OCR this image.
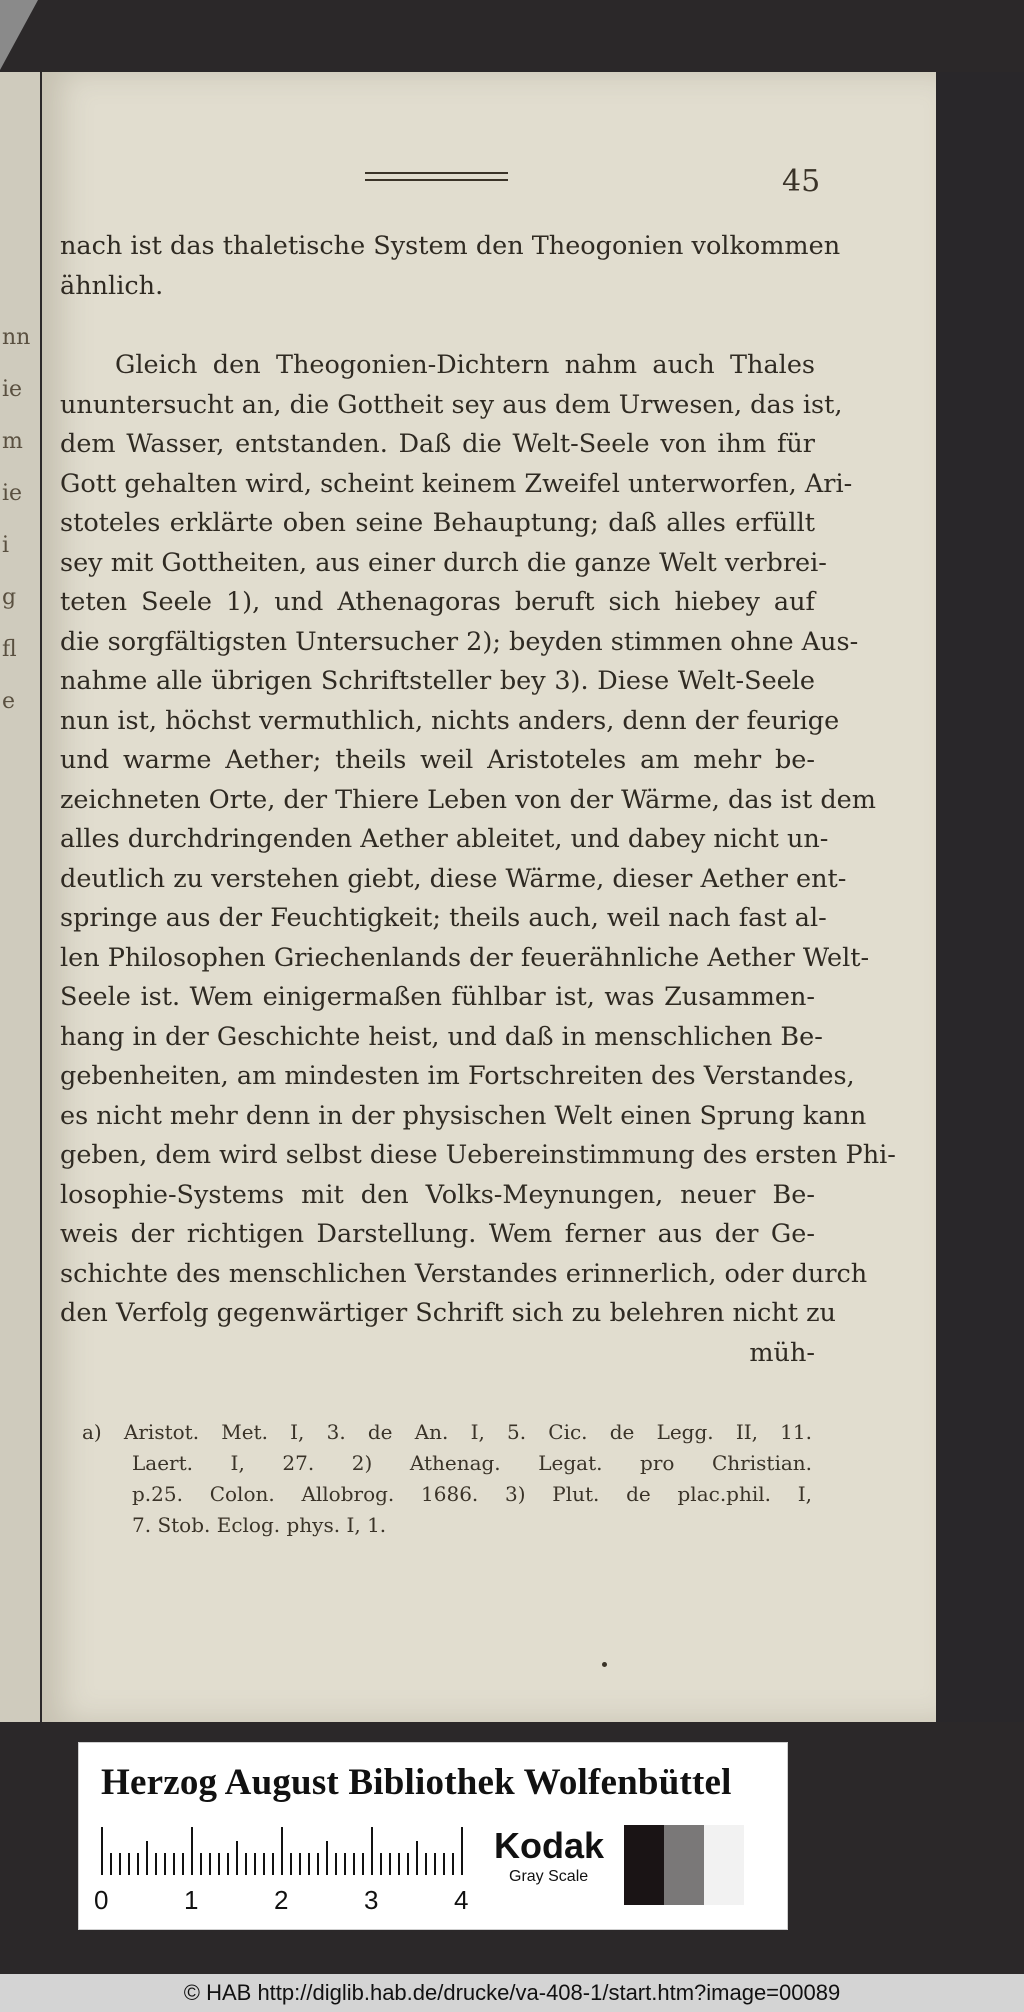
nn
ie
m
ie
i
g
fl
e
45
nach ist das thaletische System den Theogonien volkommen
ähnlich.
Gleich den Theogonien-Dichtern nahm auch Thales
ununtersucht an, die Gottheit sey aus dem Urwesen, das ist,
dem Wasser, entstanden. Daß die Welt-Seele von ihm für
Gott gehalten wird, scheint keinem Zweifel unterworfen, Ari-
stoteles erklärte oben seine Behauptung; daß alles erfüllt
sey mit Gottheiten, aus einer durch die ganze Welt verbrei-
teten Seele 1), und Athenagoras beruft sich hiebey auf
die sorgfältigsten Untersucher 2); beyden stimmen ohne Aus-
nahme alle übrigen Schriftsteller bey 3). Diese Welt-Seele
nun ist, höchst vermuthlich, nichts anders, denn der feurige
und warme Aether; theils weil Aristoteles am mehr be-
zeichneten Orte, der Thiere Leben von der Wärme, das ist dem
alles durchdringenden Aether ableitet, und dabey nicht un-
deutlich zu verstehen giebt, diese Wärme, dieser Aether ent-
springe aus der Feuchtigkeit; theils auch, weil nach fast al-
len Philosophen Griechenlands der feuerähnliche Aether Welt-
Seele ist. Wem einigermaßen fühlbar ist, was Zusammen-
hang in der Geschichte heist, und daß in menschlichen Be-
gebenheiten, am mindesten im Fortschreiten des Verstandes,
es nicht mehr denn in der physischen Welt einen Sprung kann
geben, dem wird selbst diese Uebereinstimmung des ersten Phi-
losophie-Systems mit den Volks-Meynungen, neuer Be-
weis der richtigen Darstellung. Wem ferner aus der Ge-
schichte des menschlichen Verstandes erinnerlich, oder durch
den Verfolg gegenwärtiger Schrift sich zu belehren nicht zu
müh-
a) Aristot. Met. I, 3. de An. I, 5. Cic. de Legg. II, 11.
Laert. I, 27. 2) Athenag. Legat. pro Christian.
p.25. Colon. Allobrog. 1686. 3) Plut. de plac.phil. I,
7. Stob. Eclog. phys. I, 1.
Herzog August Bibliothek Wolfenbüttel
0	1	2	3	4
Kodak
Gray Scale
© HAB http://diglib.hab.de/drucke/va-408-1/start.htm?image=00089
